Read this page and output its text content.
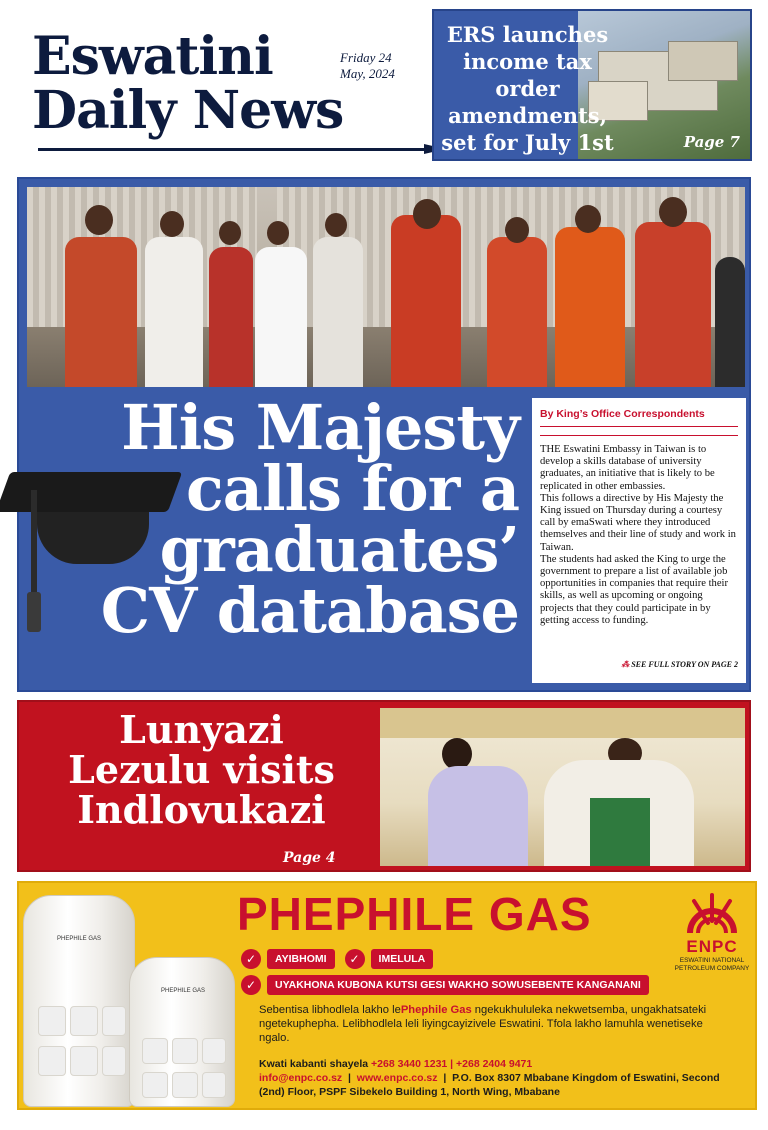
Eswatini
Daily News
Friday 24
May, 2024
ERS launches income tax order amendments, set for July 1st	Page 7
His Majesty
calls for a
graduates’
CV database
By King’s Office Correspondents

THE Eswatini Embassy in Taiwan is to develop a skills database of university graduates, an initiative that is likely to be replicated in other embassies.

This follows a directive by His Majesty the King issued on Thursday during a courtesy call by emaSwati where they introduced themselves and their line of study and work in Taiwan.

The students had asked the King to urge the government to prepare a list of available job opportunities in companies that require their skills, as well as upcoming or ongoing projects that they could participate in by getting access to funding.

⁂ SEE FULL STORY ON PAGE 2
Lunyazi
Lezulu visits
Indlovukazi
Page 4
PHEPHILE GAS
PHEPHILE GAS
PHEPHILE GAS
ENPC
ESWATINI NATIONAL PETROLEUM COMPANY
✓	AYIBHOMI	✓	IMELULA
✓	UYAKHONA KUBONA KUTSI GESI WAKHO SOWUSEBENTE KANGANANI
Sebentisa libhodlela lakho lePhephile Gas ngekukhululeka nekwetsemba, ungakhatsateki ngetekuphepha. Lelibhodlela leli liyingcayizivele Eswatini. Tfola lakho lamuhla wenetiseke ngalo.
Kwati kabanti shayela +268 3440 1231 | +268 2404 9471
info@enpc.co.sz  |  www.enpc.co.sz  |  P.O. Box 8307 Mbabane Kingdom of Eswatini, Second (2nd) Floor, PSPF Sibekelo Building 1, North Wing, Mbabane
